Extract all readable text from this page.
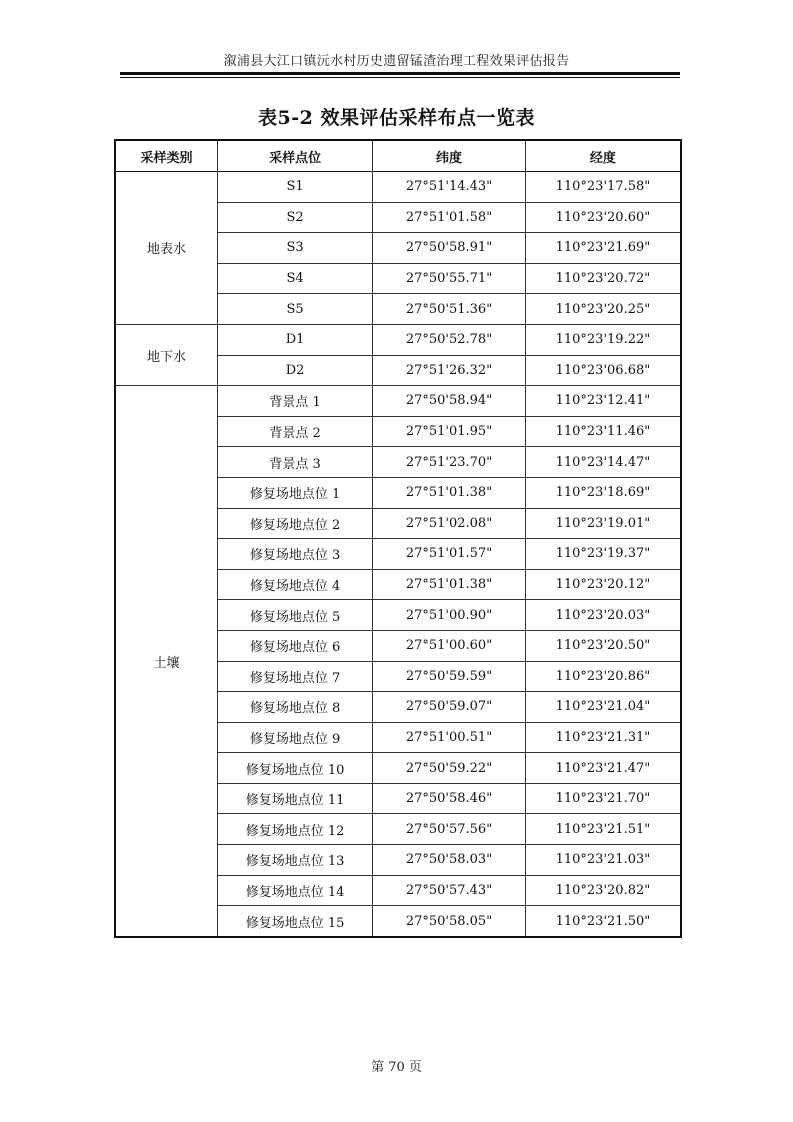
溆浦县大江口镇沅水村历史遗留锰渣治理工程效果评估报告
表5-2 效果评估采样布点一览表
采样类别	采样点位	纬度	经度
地表水	S1	27°51'14.43"	110°23'17.58"
	S2	27°51'01.58"	110°23'20.60"
	S3	27°50'58.91"	110°23'21.69"
	S4	27°50'55.71"	110°23'20.72"
	S5	27°50'51.36"	110°23'20.25"
地下水	D1	27°50'52.78"	110°23'19.22"
	D2	27°51'26.32"	110°23'06.68"
土壤	背景点 1	27°50'58.94"	110°23'12.41"
	背景点 2	27°51'01.95"	110°23'11.46"
	背景点 3	27°51'23.70"	110°23'14.47"
	修复场地点位 1	27°51'01.38"	110°23'18.69"
	修复场地点位 2	27°51'02.08"	110°23'19.01"
	修复场地点位 3	27°51'01.57"	110°23'19.37"
	修复场地点位 4	27°51'01.38"	110°23'20.12"
	修复场地点位 5	27°51'00.90"	110°23'20.03"
	修复场地点位 6	27°51'00.60"	110°23'20.50"
	修复场地点位 7	27°50'59.59"	110°23'20.86"
	修复场地点位 8	27°50'59.07"	110°23'21.04"
	修复场地点位 9	27°51'00.51"	110°23'21.31"
	修复场地点位 10	27°50'59.22"	110°23'21.47"
	修复场地点位 11	27°50'58.46"	110°23'21.70"
	修复场地点位 12	27°50'57.56"	110°23'21.51"
	修复场地点位 13	27°50'58.03"	110°23'21.03"
	修复场地点位 14	27°50'57.43"	110°23'20.82"
	修复场地点位 15	27°50'58.05"	110°23'21.50"
第 70 页
